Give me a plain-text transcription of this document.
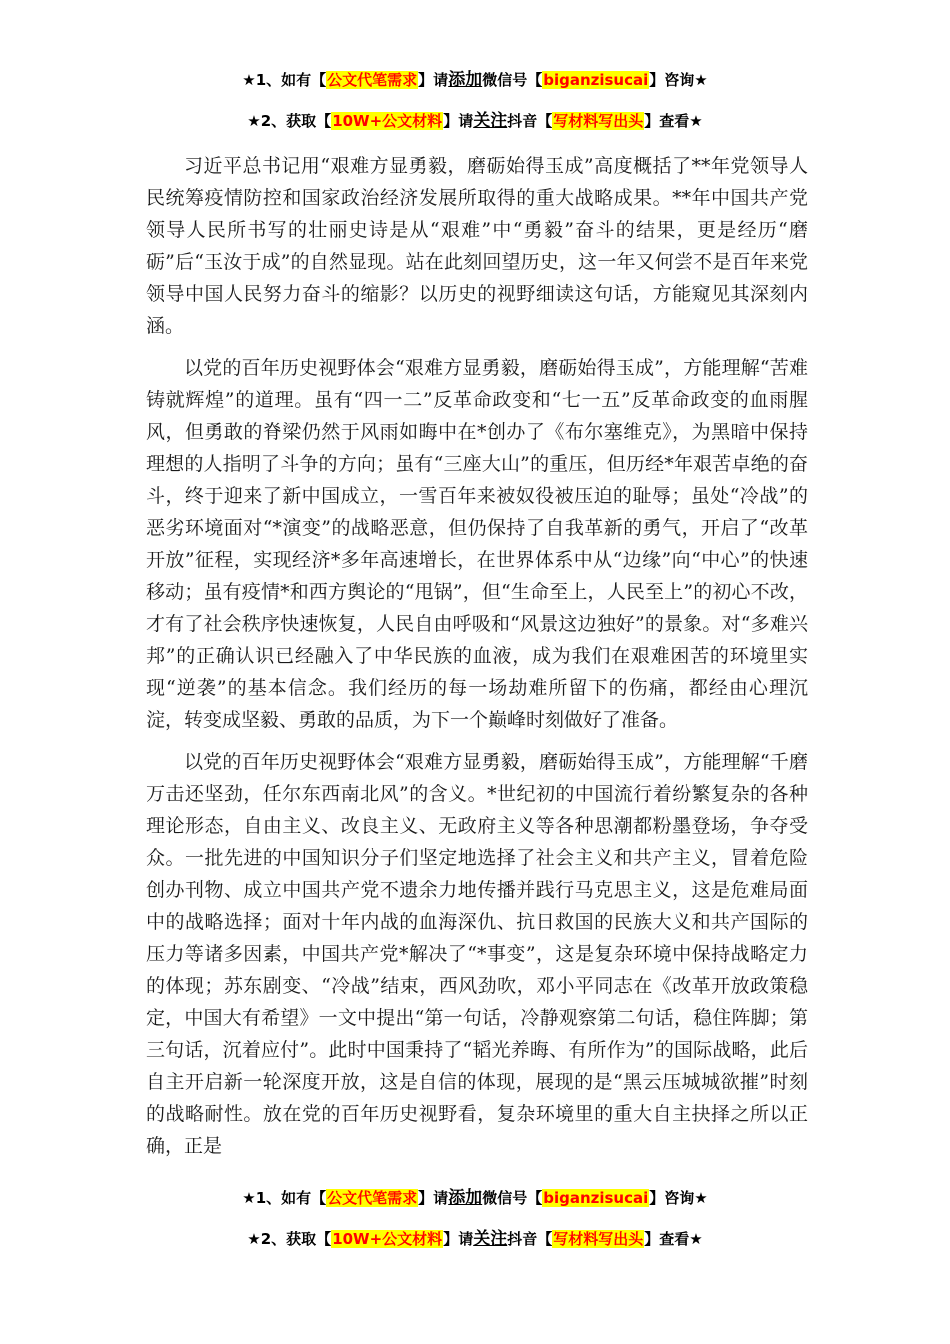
★1、如有【公文代笔需求】请添加微信号【biganzisucai】咨询★
★2、获取【10W+公文材料】请关注抖音【写材料写出头】查看★

习近平总书记用“艰难方显勇毅，磨砺始得玉成”高度概括了**年党领导人民统筹疫情防控和国家政治经济发展所取得的重大战略成果。**年中国共产党领导人民所书写的壮丽史诗是从“艰难”中“勇毅”奋斗的结果，更是经历“磨砺”后“玉汝于成”的自然显现。站在此刻回望历史，这一年又何尝不是百年来党领导中国人民努力奋斗的缩影？以历史的视野细读这句话，方能窥见其深刻内涵。

以党的百年历史视野体会“艰难方显勇毅，磨砺始得玉成”，方能理解“苦难铸就辉煌”的道理。虽有“四一二”反革命政变和“七一五”反革命政变的血雨腥风，但勇敢的脊梁仍然于风雨如晦中在*创办了《布尔塞维克》，为黑暗中保持理想的人指明了斗争的方向；虽有“三座大山”的重压，但历经*年艰苦卓绝的奋斗，终于迎来了新中国成立，一雪百年来被奴役被压迫的耻辱；虽处“冷战”的恶劣环境面对“*演变”的战略恶意，但仍保持了自我革新的勇气，开启了“改革开放”征程，实现经济*多年高速增长，在世界体系中从“边缘”向“中心”的快速移动；虽有疫情*和西方舆论的“甩锅”，但“生命至上，人民至上”的初心不改，才有了社会秩序快速恢复，人民自由呼吸和“风景这边独好”的景象。对“多难兴邦”的正确认识已经融入了中华民族的血液，成为我们在艰难困苦的环境里实现“逆袭”的基本信念。我们经历的每一场劫难所留下的伤痛，都经由心理沉淀，转变成坚毅、勇敢的品质，为下一个巅峰时刻做好了准备。

以党的百年历史视野体会“艰难方显勇毅，磨砺始得玉成”，方能理解“千磨万击还坚劲，任尔东西南北风”的含义。*世纪初的中国流行着纷繁复杂的各种理论形态，自由主义、改良主义、无政府主义等各种思潮都粉墨登场，争夺受众。一批先进的中国知识分子们坚定地选择了社会主义和共产主义，冒着危险创办刊物、成立中国共产党不遗余力地传播并践行马克思主义，这是危难局面中的战略选择；面对十年内战的血海深仇、抗日救国的民族大义和共产国际的压力等诸多因素，中国共产党*解决了“*事变”，这是复杂环境中保持战略定力的体现；苏东剧变、“冷战”结束，西风劲吹，邓小平同志在《改革开放政策稳定，中国大有希望》一文中提出“第一句话，冷静观察第二句话，稳住阵脚；第三句话，沉着应付”。此时中国秉持了“韬光养晦、有所作为”的国际战略，此后自主开启新一轮深度开放，这是自信的体现，展现的是“黑云压城城欲摧”时刻的战略耐性。放在党的百年历史视野看，复杂环境里的重大自主抉择之所以正确，正是

★1、如有【公文代笔需求】请添加微信号【biganzisucai】咨询★
★2、获取【10W+公文材料】请关注抖音【写材料写出头】查看★
